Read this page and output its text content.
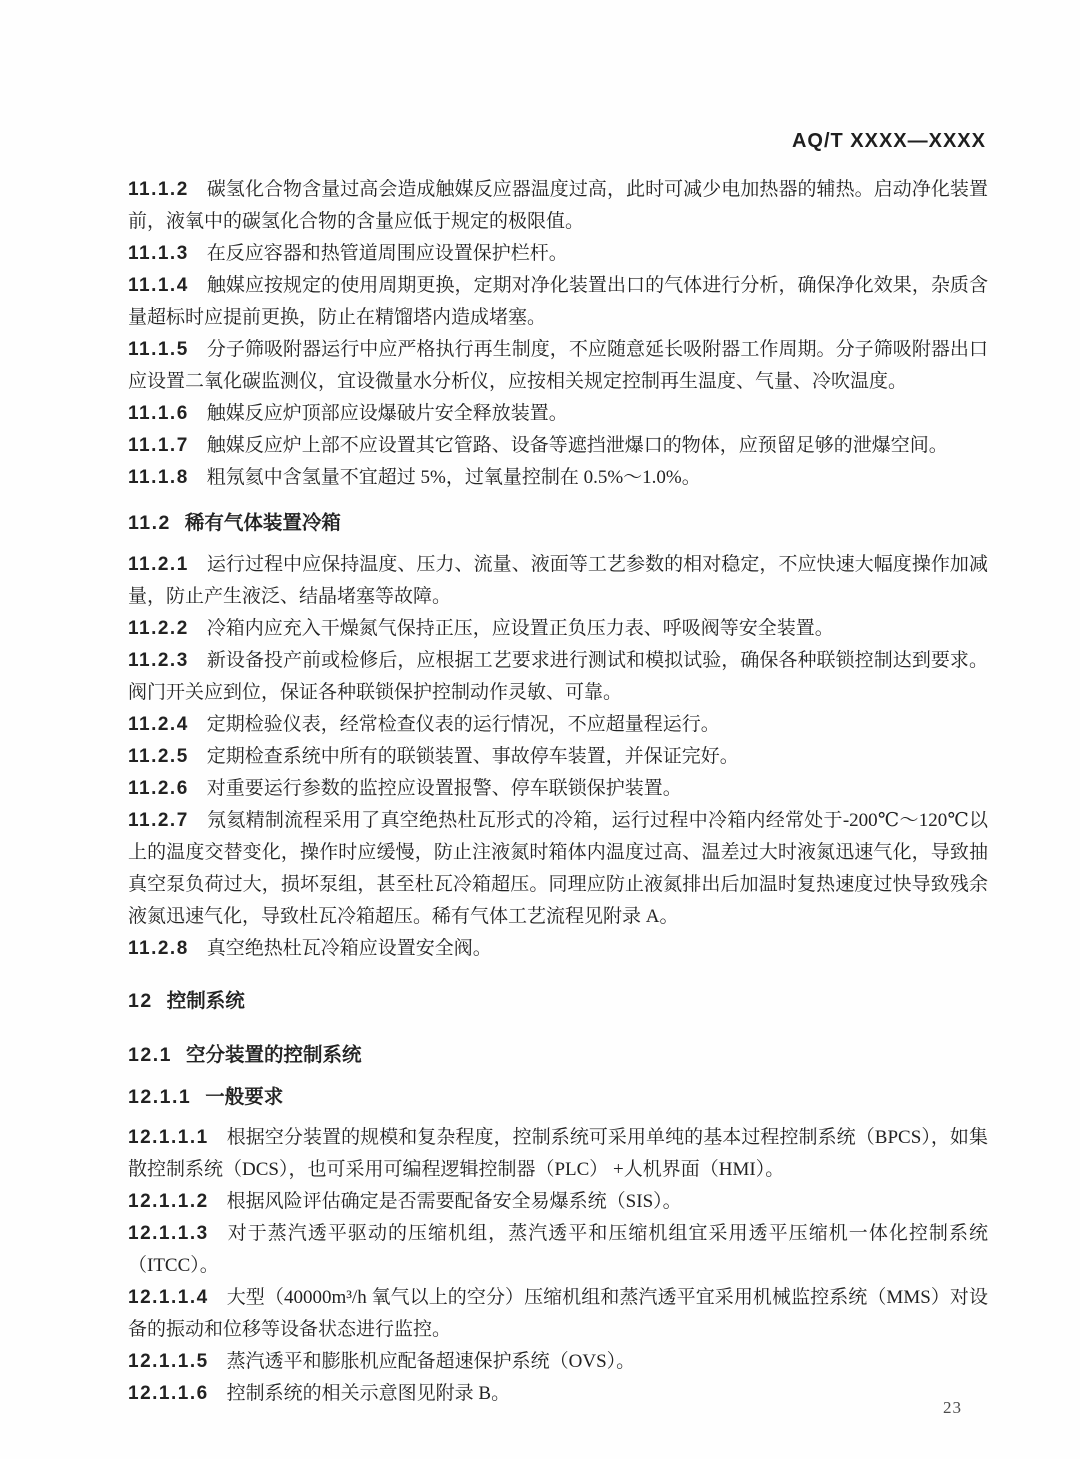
AQ/T XXXX—XXXX

11.1.2 碳氢化合物含量过高会造成触媒反应器温度过高，此时可减少电加热器的辅热。启动净化装置前，液氧中的碳氢化合物的含量应低于规定的极限值。

11.1.3 在反应容器和热管道周围应设置保护栏杆。

11.1.4 触媒应按规定的使用周期更换，定期对净化装置出口的气体进行分析，确保净化效果，杂质含量超标时应提前更换，防止在精馏塔内造成堵塞。

11.1.5 分子筛吸附器运行中应严格执行再生制度，不应随意延长吸附器工作周期。分子筛吸附器出口应设置二氧化碳监测仪，宜设微量水分析仪，应按相关规定控制再生温度、气量、冷吹温度。

11.1.6 触媒反应炉顶部应设爆破片安全释放装置。

11.1.7 触媒反应炉上部不应设置其它管路、设备等遮挡泄爆口的物体，应预留足够的泄爆空间。

11.1.8 粗氖氦中含氢量不宜超过 5%，过氧量控制在 0.5%～1.0%。

11.2 稀有气体装置冷箱

11.2.1 运行过程中应保持温度、压力、流量、液面等工艺参数的相对稳定，不应快速大幅度操作加减量，防止产生液泛、结晶堵塞等故障。

11.2.2 冷箱内应充入干燥氮气保持正压，应设置正负压力表、呼吸阀等安全装置。

11.2.3 新设备投产前或检修后，应根据工艺要求进行测试和模拟试验，确保各种联锁控制达到要求。阀门开关应到位，保证各种联锁保护控制动作灵敏、可靠。

11.2.4 定期检验仪表，经常检查仪表的运行情况，不应超量程运行。

11.2.5 定期检查系统中所有的联锁装置、事故停车装置，并保证完好。

11.2.6 对重要运行参数的监控应设置报警、停车联锁保护装置。

11.2.7 氖氦精制流程采用了真空绝热杜瓦形式的冷箱，运行过程中冷箱内经常处于-200℃～120℃以上的温度交替变化，操作时应缓慢，防止注液氮时箱体内温度过高、温差过大时液氮迅速气化，导致抽真空泵负荷过大，损坏泵组，甚至杜瓦冷箱超压。同理应防止液氮排出后加温时复热速度过快导致残余液氮迅速气化，导致杜瓦冷箱超压。稀有气体工艺流程见附录 A。

11.2.8 真空绝热杜瓦冷箱应设置安全阀。

12 控制系统

12.1 空分装置的控制系统

12.1.1 一般要求

12.1.1.1 根据空分装置的规模和复杂程度，控制系统可采用单纯的基本过程控制系统（BPCS），如集散控制系统（DCS），也可采用可编程逻辑控制器（PLC） +人机界面（HMI）。

12.1.1.2 根据风险评估确定是否需要配备安全易爆系统（SIS）。

12.1.1.3 对于蒸汽透平驱动的压缩机组，蒸汽透平和压缩机组宜采用透平压缩机一体化控制系统（ITCC）。

12.1.1.4 大型（40000m³/h 氧气以上的空分）压缩机组和蒸汽透平宜采用机械监控系统（MMS）对设备的振动和位移等设备状态进行监控。

12.1.1.5 蒸汽透平和膨胀机应配备超速保护系统（OVS）。

12.1.1.6 控制系统的相关示意图见附录 B。

23
